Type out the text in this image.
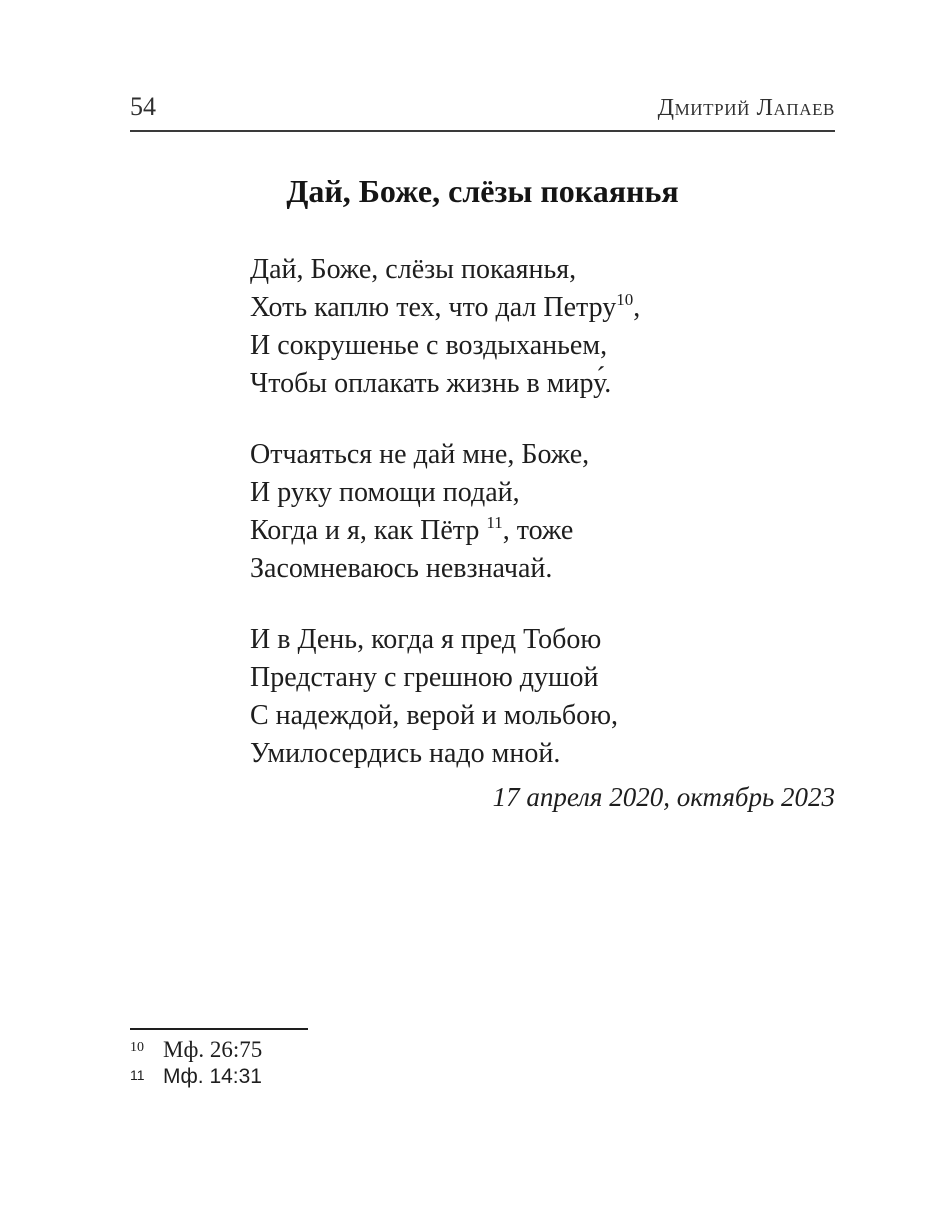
54	Дмитрий Лапаев
Дай, Боже, слёзы покаянья

Дай, Боже, слёзы покаянья,

Хоть каплю тех, что дал Петру$^{10}$,

И сокрушенье с воздыханьем,

Чтобы оплакать жизнь в миру́.

Отчаяться не дай мне, Боже,

И руку помощи подай,

Когда и я, как Пётр $^{11}$, тоже

Засомневаюсь невзначай.

И в День, когда я пред Тобою

Предстану с грешною душой

С надеждой, верой и мольбою,

Умилосердись надо мной.

17 апреля 2020, октябрь 2023

10 Мф. 26:75
11 Мф. 14:31
